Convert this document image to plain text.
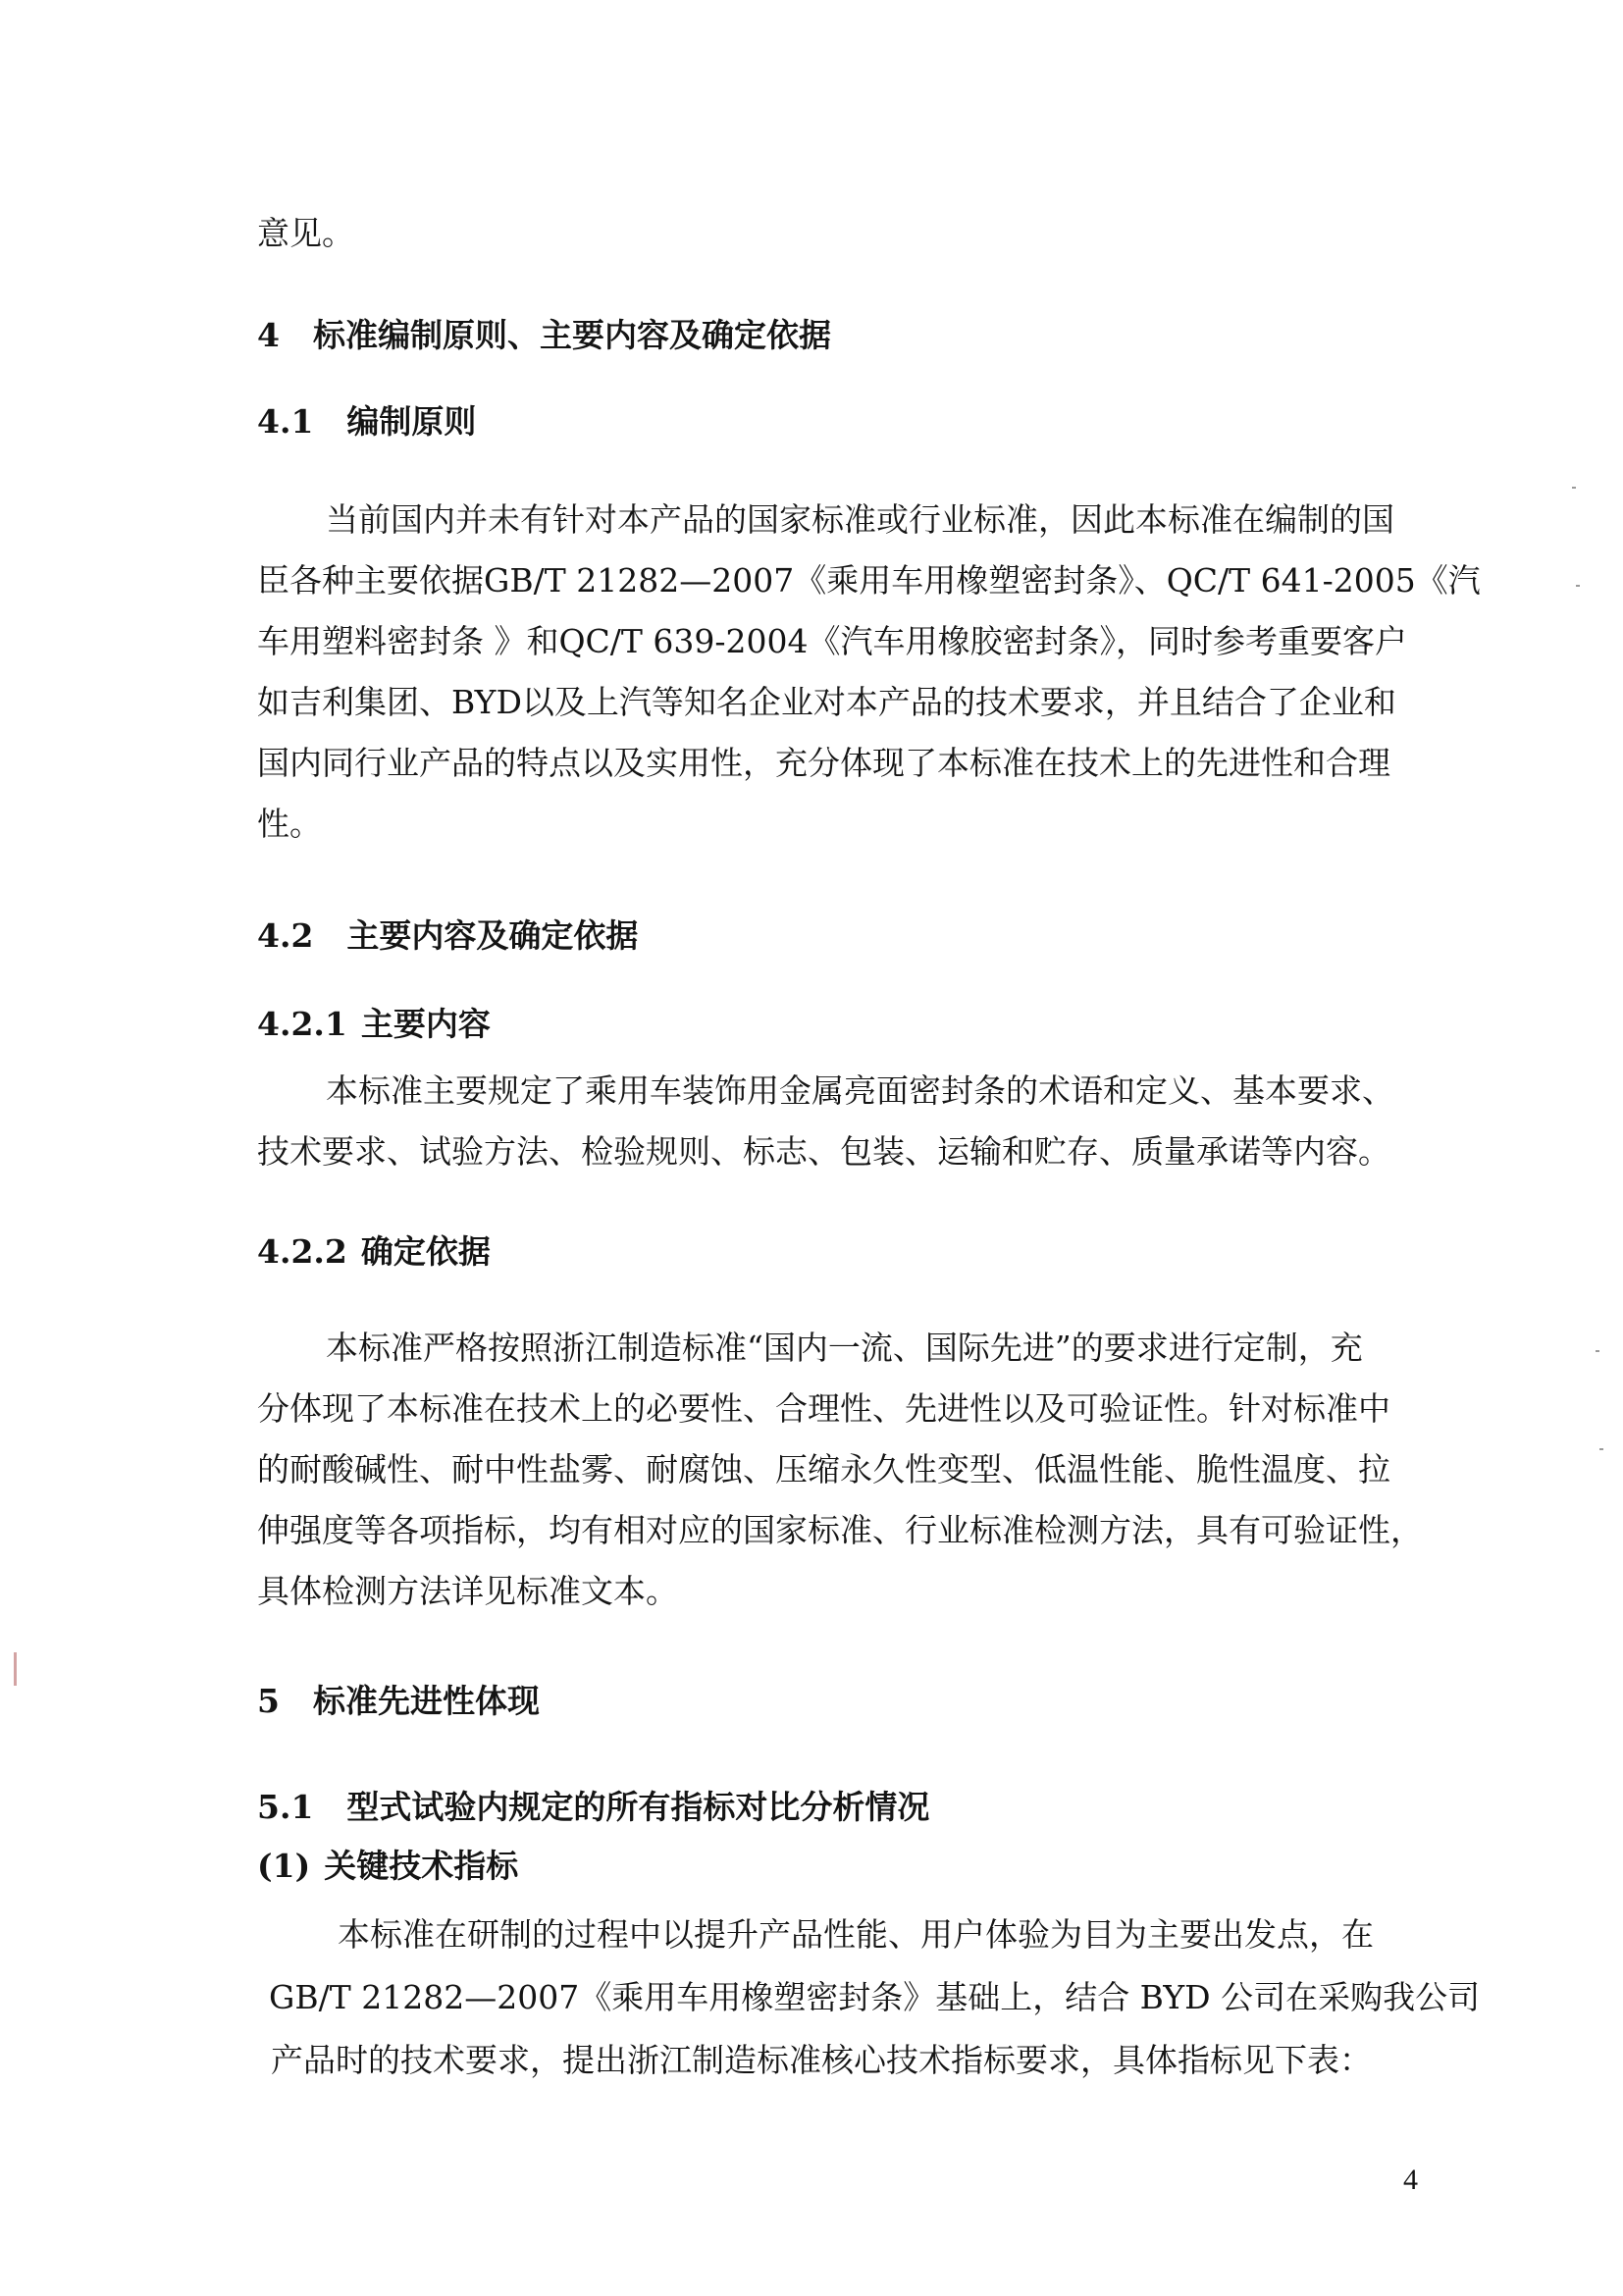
意见。
4 标准编制原则、主要内容及确定依据
4.1 编制原则
当前国内并未有针对本产品的国家标准或行业标准，因此本标准在编制的国
臣各种主要依据GB/T 21282—2007《乘用车用橡塑密封条》、QC/T 641-2005《汽
车用塑料密封条 》和QC/T 639-2004《汽车用橡胶密封条》，同时参考重要客户
如吉利集团、BYD以及上汽等知名企业对本产品的技术要求，并且结合了企业和
国内同行业产品的特点以及实用性，充分体现了本标准在技术上的先进性和合理
性。
4.2 主要内容及确定依据
4.2.1 主要内容
本标准主要规定了乘用车装饰用金属亮面密封条的术语和定义、基本要求、
技术要求、试验方法、检验规则、标志、包装、运输和贮存、质量承诺等内容。
4.2.2 确定依据
本标准严格按照浙江制造标准“国内一流、国际先进”的要求进行定制，充
分体现了本标准在技术上的必要性、合理性、先进性以及可验证性。针对标准中
的耐酸碱性、耐中性盐雾、耐腐蚀、压缩永久性变型、低温性能、脆性温度、拉
伸强度等各项指标，均有相对应的国家标准、行业标准检测方法，具有可验证性，
具体检测方法详见标准文本。
5 标准先进性体现
5.1 型式试验内规定的所有指标对比分析情况
(1) 关键技术指标
本标准在研制的过程中以提升产品性能、用户体验为目为主要出发点，在
GB/T 21282—2007《乘用车用橡塑密封条》基础上，结合 BYD 公司在采购我公司
产品时的技术要求，提出浙江制造标准核心技术指标要求，具体指标见下表：
4
